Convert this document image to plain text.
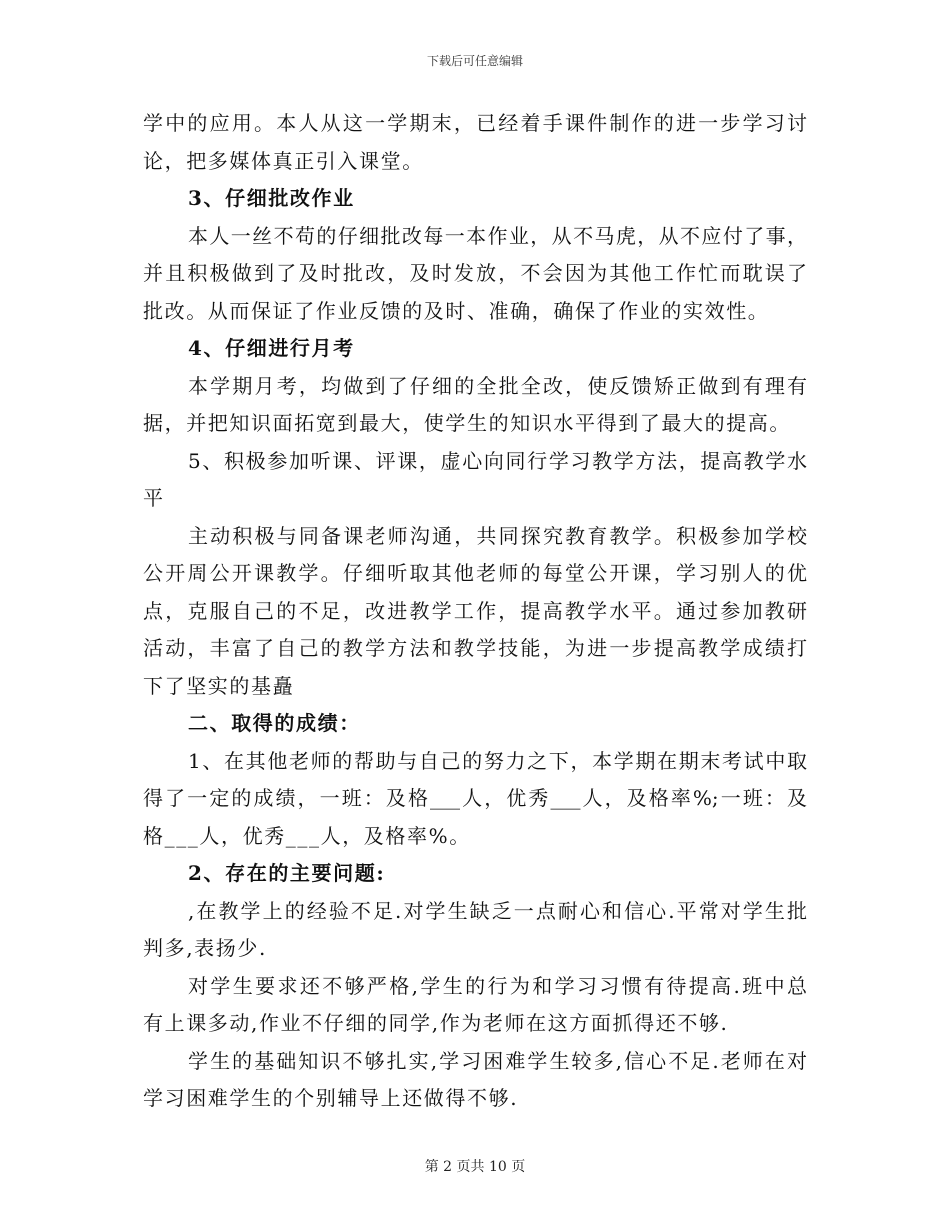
下载后可任意编辑
学中的应用。本人从这一学期末，已经着手课件制作的进一步学习讨
论，把多媒体真正引入课堂。
3、仔细批改作业
本人一丝不苟的仔细批改每一本作业，从不马虎，从不应付了事，
并且积极做到了及时批改，及时发放，不会因为其他工作忙而耽误了
批改。从而保证了作业反馈的及时、准确，确保了作业的实效性。
4、仔细进行月考
本学期月考，均做到了仔细的全批全改，使反馈矫正做到有理有
据，并把知识面拓宽到最大，使学生的知识水平得到了最大的提高。
5、积极参加听课、评课，虚心向同行学习教学方法，提高教学水
平
主动积极与同备课老师沟通，共同探究教育教学。积极参加学校
公开周公开课教学。仔细听取其他老师的每堂公开课，学习别人的优
点，克服自己的不足，改进教学工作，提高教学水平。通过参加教研
活动，丰富了自己的教学方法和教学技能，为进一步提高教学成绩打
下了坚实的基矗
二、取得的成绩：
1、在其他老师的帮助与自己的努力之下，本学期在期末考试中取
得了一定的成绩，一班：及格___人，优秀___人，及格率%;一班：及
格___人，优秀___人，及格率%。
2、存在的主要问题:
,在教学上的经验不足.对学生缺乏一点耐心和信心.平常对学生批
判多,表扬少.
对学生要求还不够严格,学生的行为和学习习惯有待提高.班中总
有上课多动,作业不仔细的同学,作为老师在这方面抓得还不够.
学生的基础知识不够扎实,学习困难学生较多,信心不足.老师在对
学习困难学生的个别辅导上还做得不够.
第 2 页共 10 页
